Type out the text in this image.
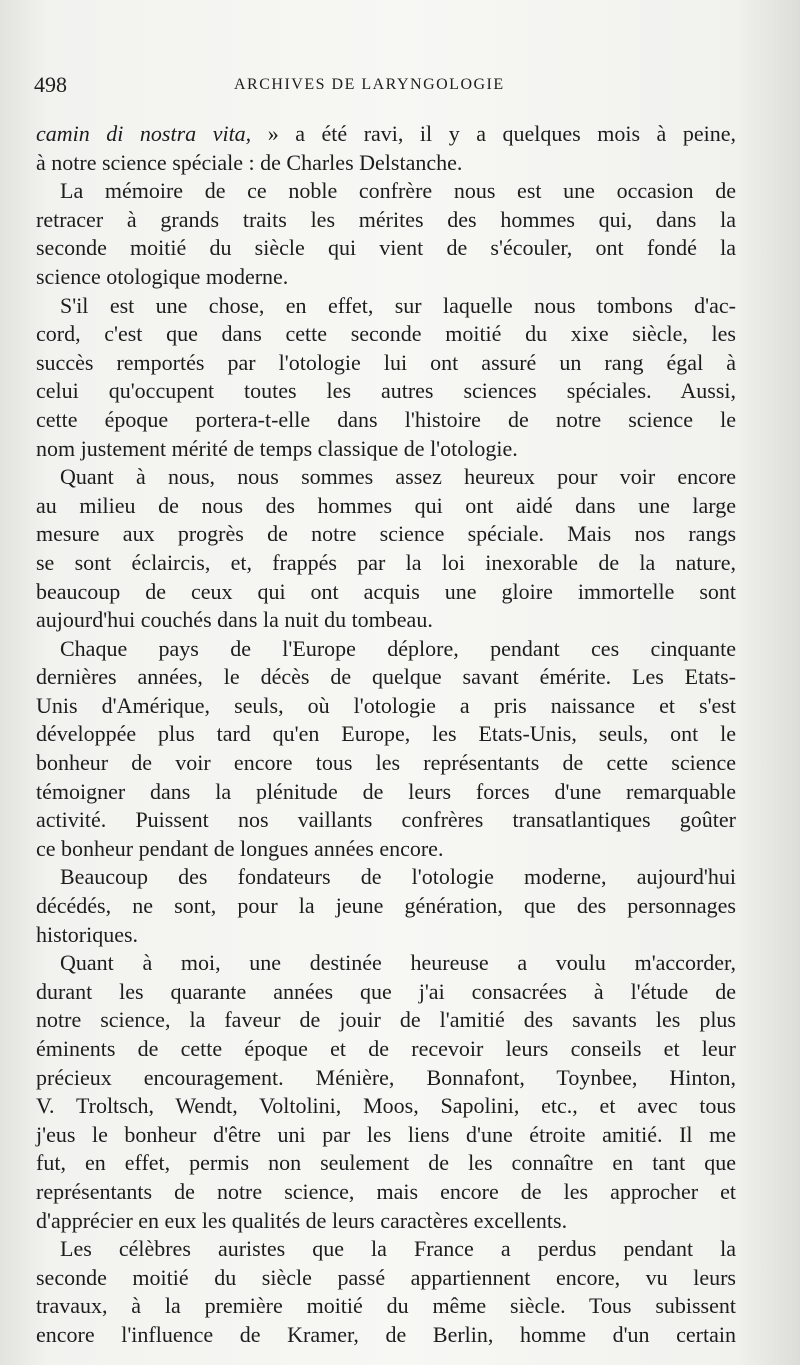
498	ARCHIVES DE LARYNGOLOGIE
camin di nostra vita, » a été ravi, il y a quelques mois à peine,
à notre science spéciale : de Charles Delstanche.
La mémoire de ce noble confrère nous est une occasion de
retracer à grands traits les mérites des hommes qui, dans la
seconde moitié du siècle qui vient de s'écouler, ont fondé la
science otologique moderne.
S'il est une chose, en effet, sur laquelle nous tombons d'ac-
cord, c'est que dans cette seconde moitié du xixe siècle, les
succès remportés par l'otologie lui ont assuré un rang égal à
celui qu'occupent toutes les autres sciences spéciales. Aussi,
cette époque portera-t-elle dans l'histoire de notre science le
nom justement mérité de temps classique de l'otologie.
Quant à nous, nous sommes assez heureux pour voir encore
au milieu de nous des hommes qui ont aidé dans une large
mesure aux progrès de notre science spéciale. Mais nos rangs
se sont éclaircis, et, frappés par la loi inexorable de la nature,
beaucoup de ceux qui ont acquis une gloire immortelle sont
aujourd'hui couchés dans la nuit du tombeau.
Chaque pays de l'Europe déplore, pendant ces cinquante
dernières années, le décès de quelque savant émérite. Les Etats-
Unis d'Amérique, seuls, où l'otologie a pris naissance et s'est
développée plus tard qu'en Europe, les Etats-Unis, seuls, ont le
bonheur de voir encore tous les représentants de cette science
témoigner dans la plénitude de leurs forces d'une remarquable
activité. Puissent nos vaillants confrères transatlantiques goûter
ce bonheur pendant de longues années encore.
Beaucoup des fondateurs de l'otologie moderne, aujourd'hui
décédés, ne sont, pour la jeune génération, que des personnages
historiques.
Quant à moi, une destinée heureuse a voulu m'accorder,
durant les quarante années que j'ai consacrées à l'étude de
notre science, la faveur de jouir de l'amitié des savants les plus
éminents de cette époque et de recevoir leurs conseils et leur
précieux encouragement. Ménière, Bonnafont, Toynbee, Hinton,
V. Troltsch, Wendt, Voltolini, Moos, Sapolini, etc., et avec tous
j'eus le bonheur d'être uni par les liens d'une étroite amitié. Il me
fut, en effet, permis non seulement de les connaître en tant que
représentants de notre science, mais encore de les approcher et
d'apprécier en eux les qualités de leurs caractères excellents.
Les célèbres auristes que la France a perdus pendant la
seconde moitié du siècle passé appartiennent encore, vu leurs
travaux, à la première moitié du même siècle. Tous subissent
encore l'influence de Kramer, de Berlin, homme d'un certain
